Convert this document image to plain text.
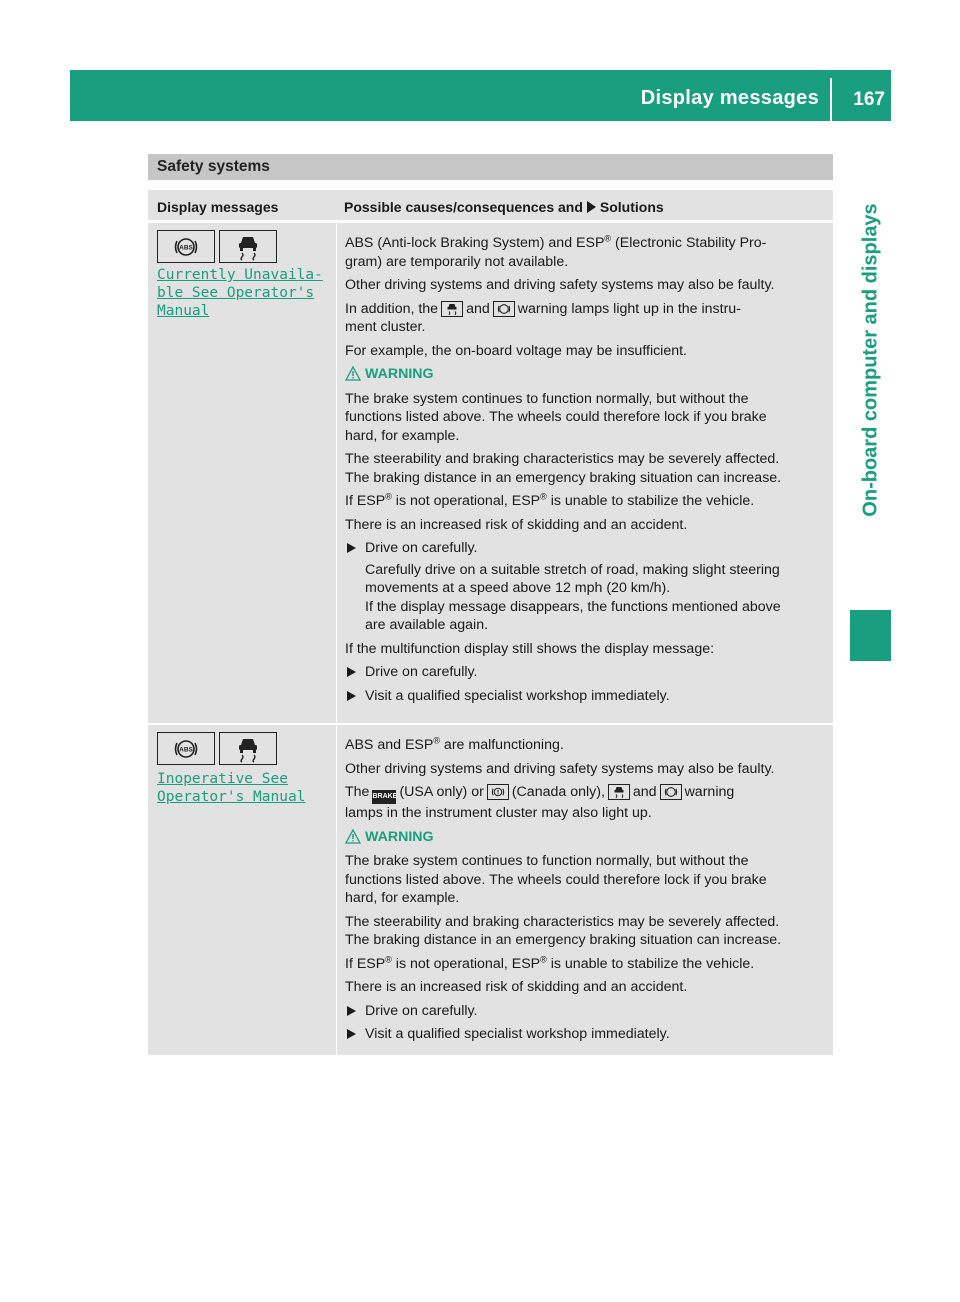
Display messages 167
On-board computer and displays
Safety systems
Display messages	Possible causes/consequences and Solutions
ABS
Currently Unavaila‐
ble See Operator's
Manual

ABS (Anti-lock Braking System) and ESP® (Electronic Stability Pro-
gram) are temporarily not available.

Other driving systems and driving safety systems may also be faulty.

In addition, the and warning lamps light up in the instru-
ment cluster.

For example, the on-board voltage may be insufficient.

WARNING

The brake system continues to function normally, but without the
functions listed above. The wheels could therefore lock if you brake
hard, for example.

The steerability and braking characteristics may be severely affected.
The braking distance in an emergency braking situation can increase.

If ESP® is not operational, ESP® is unable to stabilize the vehicle.

There is an increased risk of skidding and an accident.

Drive on carefully.

Carefully drive on a suitable stretch of road, making slight steering
movements at a speed above 12 mph (20 km/h).
If the display message disappears, the functions mentioned above
are available again.

If the multifunction display still shows the display message:

Drive on carefully.

Visit a qualified specialist workshop immediately.

ABS
Inoperative See
Operator's Manual

ABS and ESP® are malfunctioning.

Other driving systems and driving safety systems may also be faulty.

The BRAKE (USA only) or (Canada only), and warning
lamps in the instrument cluster may also light up.

WARNING

The brake system continues to function normally, but without the
functions listed above. The wheels could therefore lock if you brake
hard, for example.

The steerability and braking characteristics may be severely affected.
The braking distance in an emergency braking situation can increase.

If ESP® is not operational, ESP® is unable to stabilize the vehicle.

There is an increased risk of skidding and an accident.

Drive on carefully.

Visit a qualified specialist workshop immediately.
